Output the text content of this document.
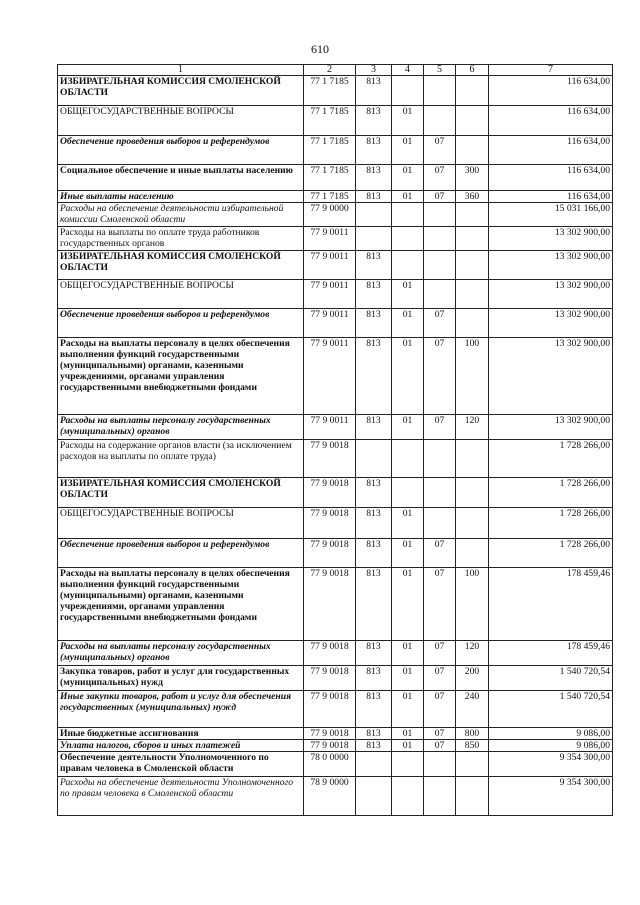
610
1	2	3	4	5	6	7
ИЗБИРАТЕЛЬНАЯ КОМИССИЯ СМОЛЕНСКОЙ ОБЛАСТИ	77 1 7185	813				116 634,00
ОБЩЕГОСУДАРСТВЕННЫЕ ВОПРОСЫ	77 1 7185	813	01			116 634,00
Обеспечение проведения выборов и референдумов	77 1 7185	813	01	07		116 634,00
Социальное обеспечение и иные выплаты населению	77 1 7185	813	01	07	300	116 634,00
Иные выплаты населению	77 1 7185	813	01	07	360	116 634,00
Расходы на обеспечение деятельности избирательной комиссии Смоленской области	77 9 0000					15 031 166,00
Расходы на выплаты по оплате труда работников государственных органов	77 9 0011					13 302 900,00
ИЗБИРАТЕЛЬНАЯ КОМИССИЯ СМОЛЕНСКОЙ ОБЛАСТИ	77 9 0011	813				13 302 900,00
ОБЩЕГОСУДАРСТВЕННЫЕ ВОПРОСЫ	77 9 0011	813	01			13 302 900,00
Обеспечение проведения выборов и референдумов	77 9 0011	813	01	07		13 302 900,00
Расходы на выплаты персоналу в целях обеспечения выполнения функций государственными (муниципальными) органами, казенными учреждениями, органами управления государственными внебюджетными фондами	77 9 0011	813	01	07	100	13 302 900,00
Расходы на выплаты персоналу государственных (муниципальных) органов	77 9 0011	813	01	07	120	13 302 900,00
Расходы на содержание органов власти (за исключением расходов на выплаты по оплате труда)	77 9 0018					1 728 266,00
ИЗБИРАТЕЛЬНАЯ КОМИССИЯ СМОЛЕНСКОЙ ОБЛАСТИ	77 9 0018	813				1 728 266,00
ОБЩЕГОСУДАРСТВЕННЫЕ ВОПРОСЫ	77 9 0018	813	01			1 728 266,00
Обеспечение проведения выборов и референдумов	77 9 0018	813	01	07		1 728 266,00
Расходы на выплаты персоналу в целях обеспечения выполнения функций государственными (муниципальными) органами, казенными учреждениями, органами управления государственными внебюджетными фондами	77 9 0018	813	01	07	100	178 459,46
Расходы на выплаты персоналу государственных (муниципальных) органов	77 9 0018	813	01	07	120	178 459,46
Закупка товаров, работ и услуг для государственных (муниципальных) нужд	77 9 0018	813	01	07	200	1 540 720,54
Иные закупки товаров, работ и услуг для обеспечения государственных (муниципальных) нужд	77 9 0018	813	01	07	240	1 540 720,54
Иные бюджетные ассигнования	77 9 0018	813	01	07	800	9 086,00
Уплата налогов, сборов и иных платежей	77 9 0018	813	01	07	850	9 086,00
Обеспечение деятельности Уполномоченного по правам человека в Смоленской области	78 0 0000					9 354 300,00
Расходы на обеспечение деятельности Уполномоченного по правам человека в Смоленской области	78 9 0000					9 354 300,00
